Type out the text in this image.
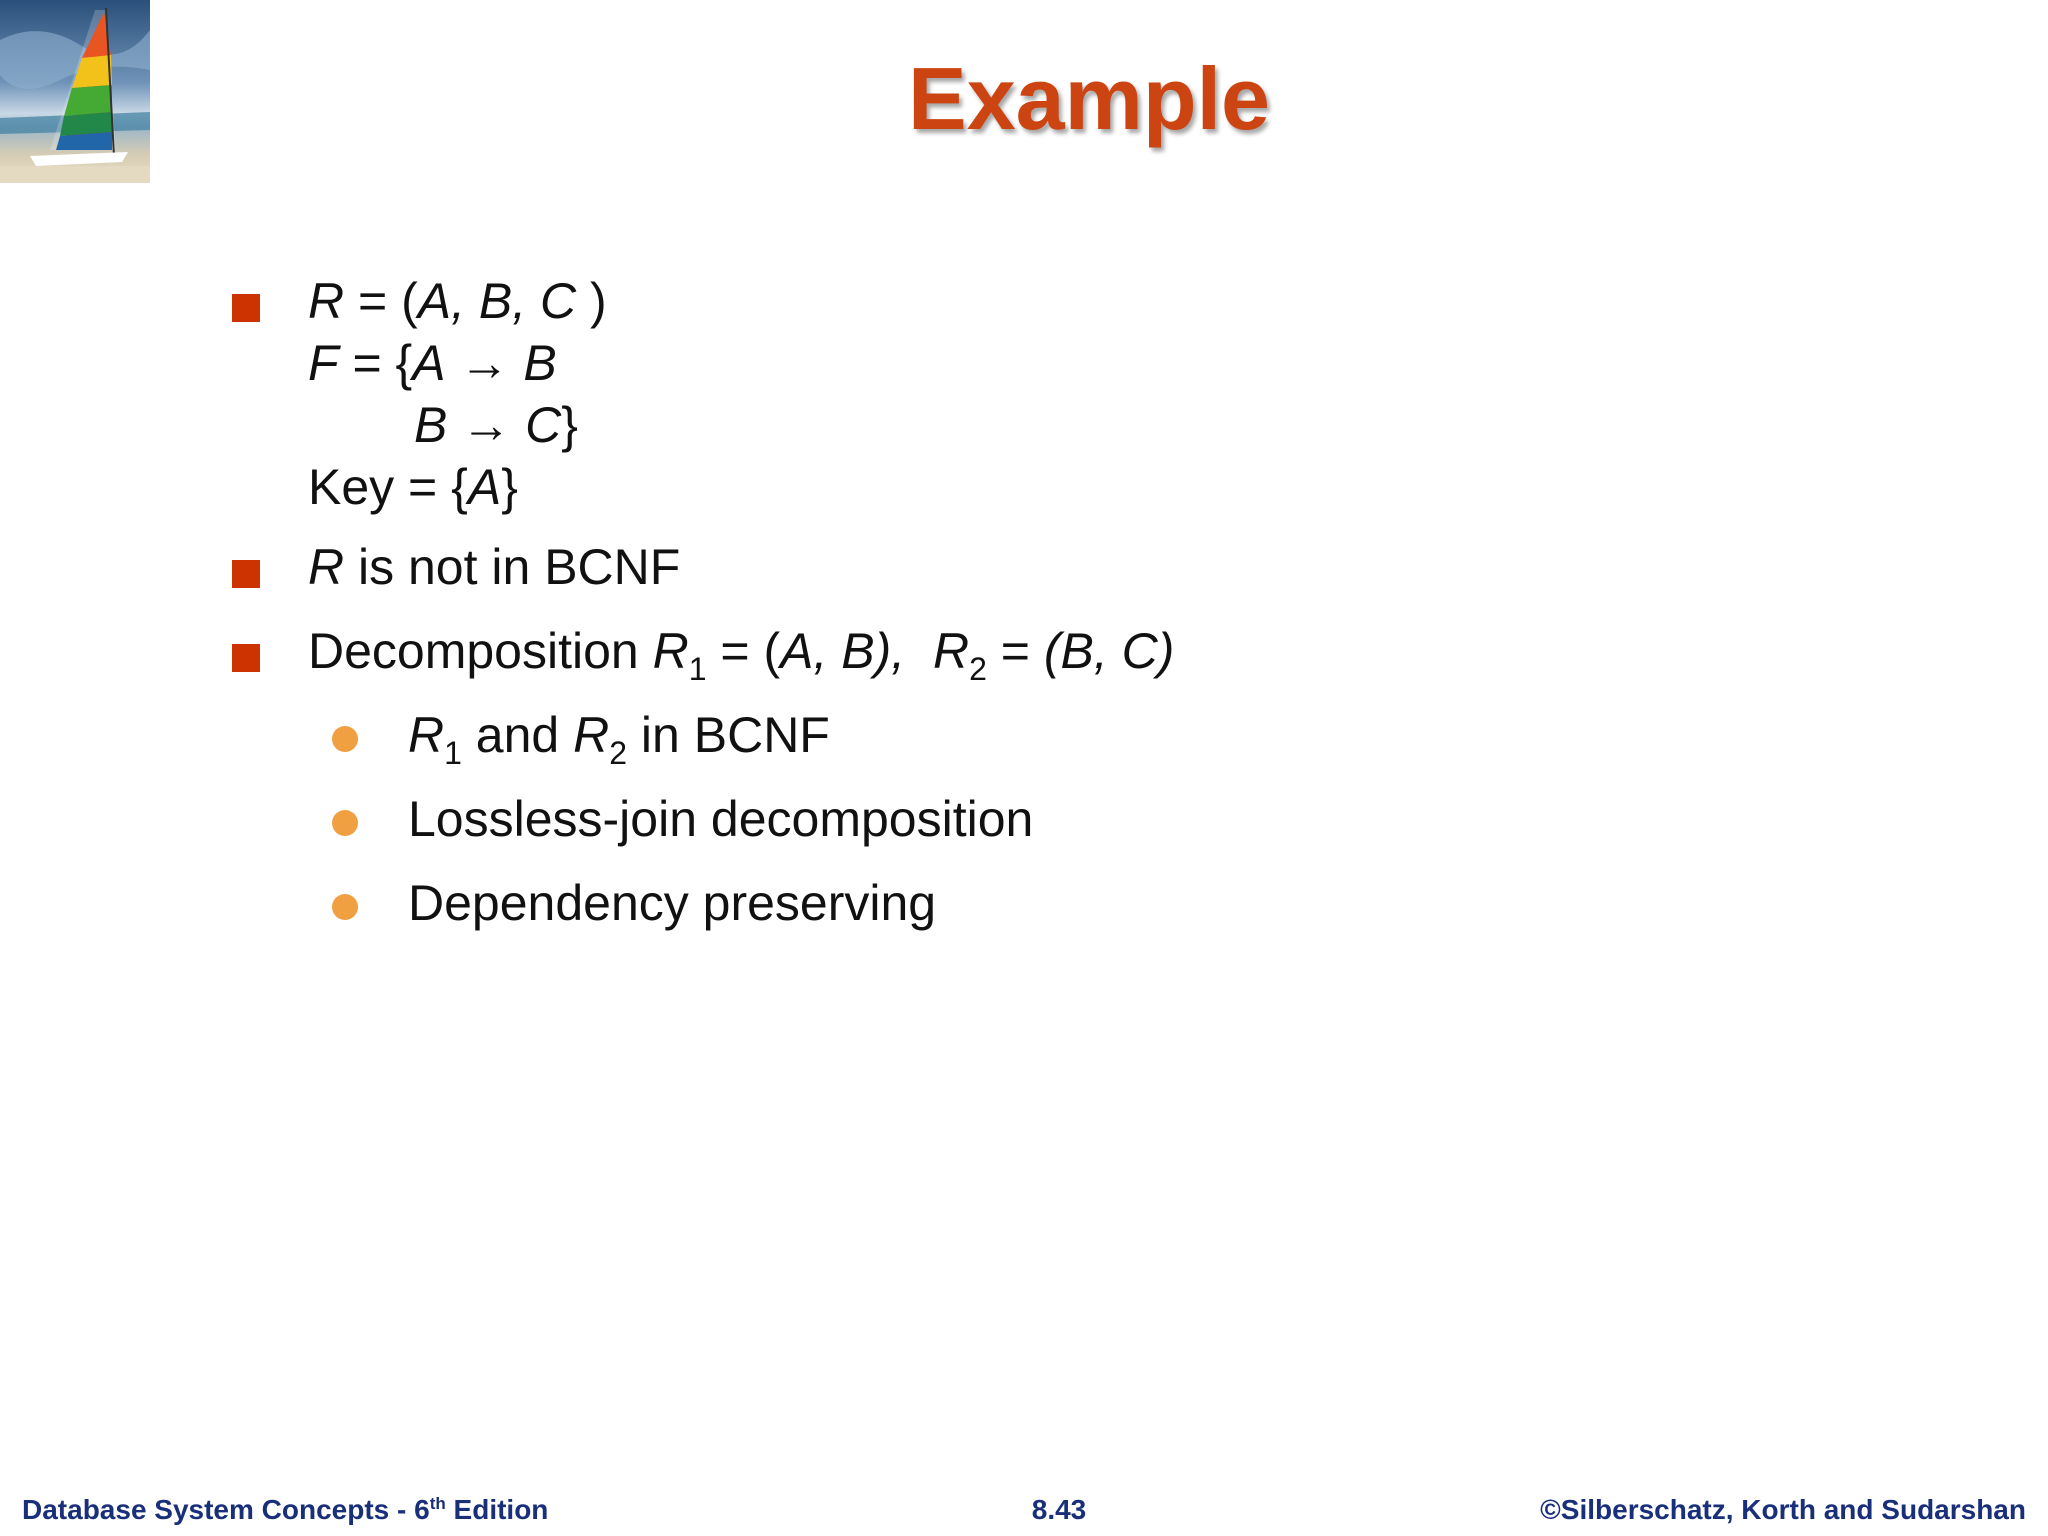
Example
R = (A, B, C )
F = {A → B
B → C}
Key = {A}
R is not in BCNF
Decomposition $R_1 = (A$, B), $R_2 = (B$, C)
$R_1$ and $R_2$ in BCNF
Lossless-join decomposition
Dependency preserving
Database System Concepts - 6th Edition	8.43	©Silberschatz, Korth and Sudarshan
